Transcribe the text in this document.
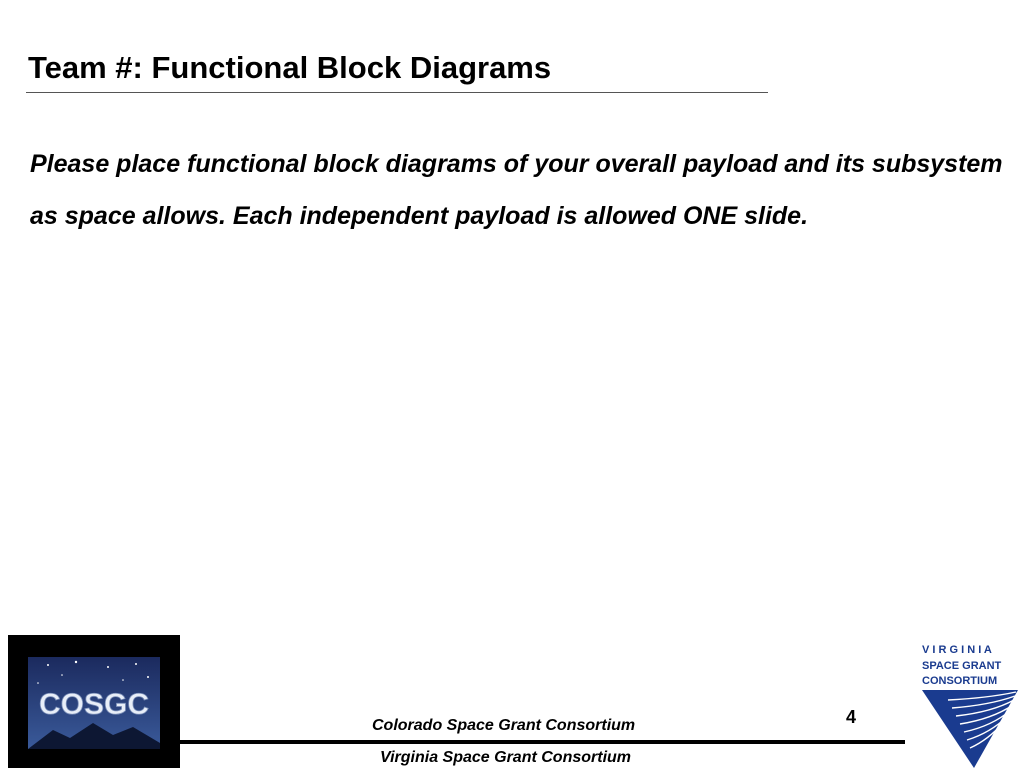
Team #: Functional Block Diagrams
Please place functional block diagrams of your overall payload and its subsystem as space allows. Each independent payload is allowed ONE slide.
COSGC
Colorado Space Grant Consortium
Virginia Space Grant Consortium
4
V I R G I N I A
SPACE GRANT
CONSORTIUM
